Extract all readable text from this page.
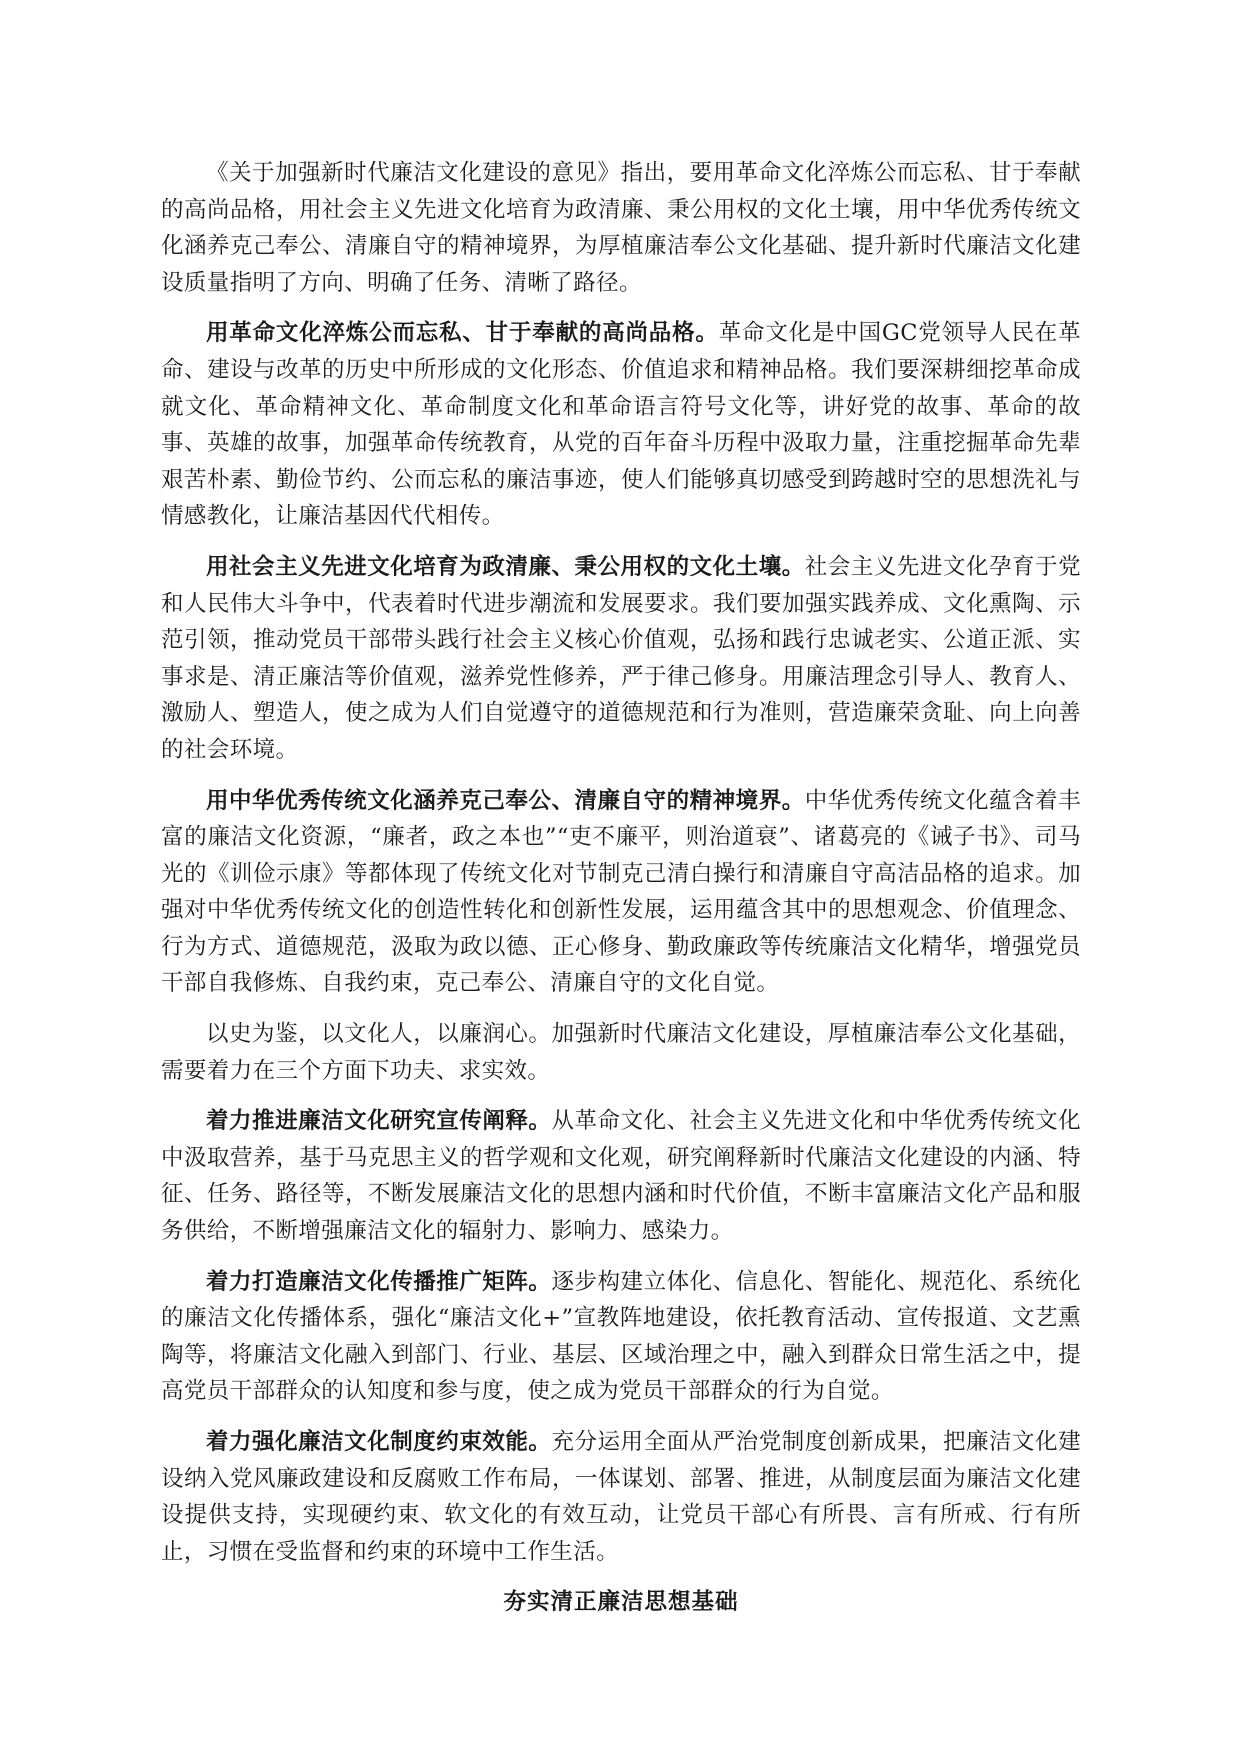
《关于加强新时代廉洁文化建设的意见》指出，要用革命文化淬炼公而忘私、甘于奉献的高尚品格，用社会主义先进文化培育为政清廉、秉公用权的文化土壤，用中华优秀传统文化涵养克己奉公、清廉自守的精神境界，为厚植廉洁奉公文化基础、提升新时代廉洁文化建设质量指明了方向、明确了任务、清晰了路径。

用革命文化淬炼公而忘私、甘于奉献的高尚品格。革命文化是中国GC党领导人民在革命、建设与改革的历史中所形成的文化形态、价值追求和精神品格。我们要深耕细挖革命成就文化、革命精神文化、革命制度文化和革命语言符号文化等，讲好党的故事、革命的故事、英雄的故事，加强革命传统教育，从党的百年奋斗历程中汲取力量，注重挖掘革命先辈艰苦朴素、勤俭节约、公而忘私的廉洁事迹，使人们能够真切感受到跨越时空的思想洗礼与情感教化，让廉洁基因代代相传。

用社会主义先进文化培育为政清廉、秉公用权的文化土壤。社会主义先进文化孕育于党和人民伟大斗争中，代表着时代进步潮流和发展要求。我们要加强实践养成、文化熏陶、示范引领，推动党员干部带头践行社会主义核心价值观，弘扬和践行忠诚老实、公道正派、实事求是、清正廉洁等价值观，滋养党性修养，严于律己修身。用廉洁理念引导人、教育人、激励人、塑造人，使之成为人们自觉遵守的道德规范和行为准则，营造廉荣贪耻、向上向善的社会环境。

用中华优秀传统文化涵养克己奉公、清廉自守的精神境界。中华优秀传统文化蕴含着丰富的廉洁文化资源，“廉者，政之本也”“吏不廉平，则治道衰”、诸葛亮的《诫子书》、司马光的《训俭示康》等都体现了传统文化对节制克己清白操行和清廉自守高洁品格的追求。加强对中华优秀传统文化的创造性转化和创新性发展，运用蕴含其中的思想观念、价值理念、行为方式、道德规范，汲取为政以德、正心修身、勤政廉政等传统廉洁文化精华，增强党员干部自我修炼、自我约束，克己奉公、清廉自守的文化自觉。

以史为鉴，以文化人，以廉润心。加强新时代廉洁文化建设，厚植廉洁奉公文化基础，需要着力在三个方面下功夫、求实效。

着力推进廉洁文化研究宣传阐释。从革命文化、社会主义先进文化和中华优秀传统文化中汲取营养，基于马克思主义的哲学观和文化观，研究阐释新时代廉洁文化建设的内涵、特征、任务、路径等，不断发展廉洁文化的思想内涵和时代价值，不断丰富廉洁文化产品和服务供给，不断增强廉洁文化的辐射力、影响力、感染力。

着力打造廉洁文化传播推广矩阵。逐步构建立体化、信息化、智能化、规范化、系统化的廉洁文化传播体系，强化“廉洁文化+”宣教阵地建设，依托教育活动、宣传报道、文艺熏陶等，将廉洁文化融入到部门、行业、基层、区域治理之中，融入到群众日常生活之中，提高党员干部群众的认知度和参与度，使之成为党员干部群众的行为自觉。

着力强化廉洁文化制度约束效能。充分运用全面从严治党制度创新成果，把廉洁文化建设纳入党风廉政建设和反腐败工作布局，一体谋划、部署、推进，从制度层面为廉洁文化建设提供支持，实现硬约束、软文化的有效互动，让党员干部心有所畏、言有所戒、行有所止，习惯在受监督和约束的环境中工作生活。

夯实清正廉洁思想基础
